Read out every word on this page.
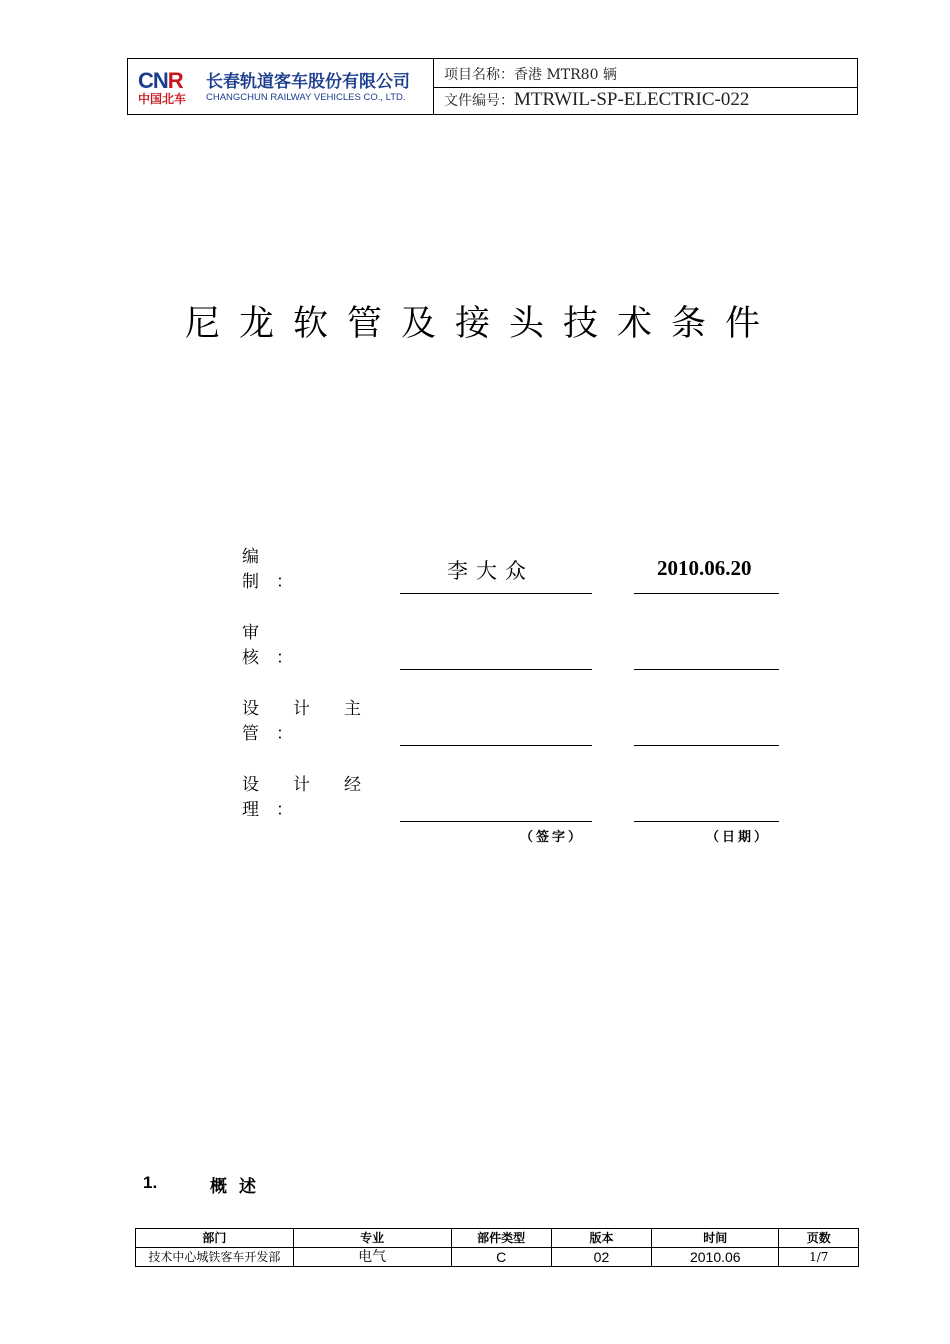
CNR
中国北车
长春轨道客车股份有限公司
CHANGCHUN RAILWAY VEHICLES CO., LTD.
项目名称：香港 MTR80 辆
文件编号：MTRWIL-SP-ELECTRIC-022
尼龙软管及接头技术条件
编
制　：	李大众	2010.06.20
审
核　：
设　　计　　主
管　：
设　　计　　经
理　：
（签字）	（日期）
1.	概述
部门	专业	部件类型	版本	时间	页数
技术中心城铁客车开发部	电气	C	02	2010.06	1/7
